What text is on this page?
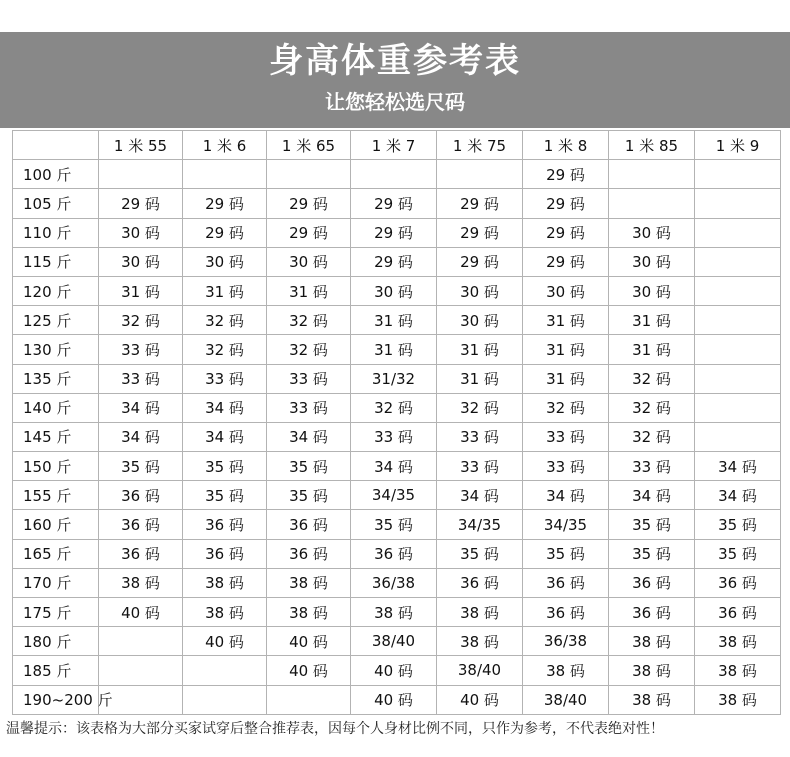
身高体重参考表
让您轻松选尺码
	1 米 55	1 米 6	1 米 65	1 米 7	1 米 75	1 米 8	1 米 85	1 米 9
100 斤						29 码		
105 斤	29 码	29 码	29 码	29 码	29 码	29 码		
110 斤	30 码	29 码	29 码	29 码	29 码	29 码	30 码	
115 斤	30 码	30 码	30 码	29 码	29 码	29 码	30 码	
120 斤	31 码	31 码	31 码	30 码	30 码	30 码	30 码	
125 斤	32 码	32 码	32 码	31 码	30 码	31 码	31 码	
130 斤	33 码	32 码	32 码	31 码	31 码	31 码	31 码	
135 斤	33 码	33 码	33 码	31/32	31 码	31 码	32 码	
140 斤	34 码	34 码	33 码	32 码	32 码	32 码	32 码	
145 斤	34 码	34 码	34 码	33 码	33 码	33 码	32 码	
150 斤	35 码	35 码	35 码	34 码	33 码	33 码	33 码	34 码
155 斤	36 码	35 码	35 码	34/35	34 码	34 码	34 码	34 码
160 斤	36 码	36 码	36 码	35 码	34/35	34/35	35 码	35 码
165 斤	36 码	36 码	36 码	36 码	35 码	35 码	35 码	35 码
170 斤	38 码	38 码	38 码	36/38	36 码	36 码	36 码	36 码
175 斤	40 码	38 码	38 码	38 码	38 码	36 码	36 码	36 码
180 斤		40 码	40 码	38/40	38 码	36/38	38 码	38 码
185 斤			40 码	40 码	38/40	38 码	38 码	38 码
190~200 斤				40 码	40 码	38/40	38 码	38 码
温馨提示：该表格为大部分买家试穿后整合推荐表，因每个人身材比例不同，只作为参考，不代表绝对性！
